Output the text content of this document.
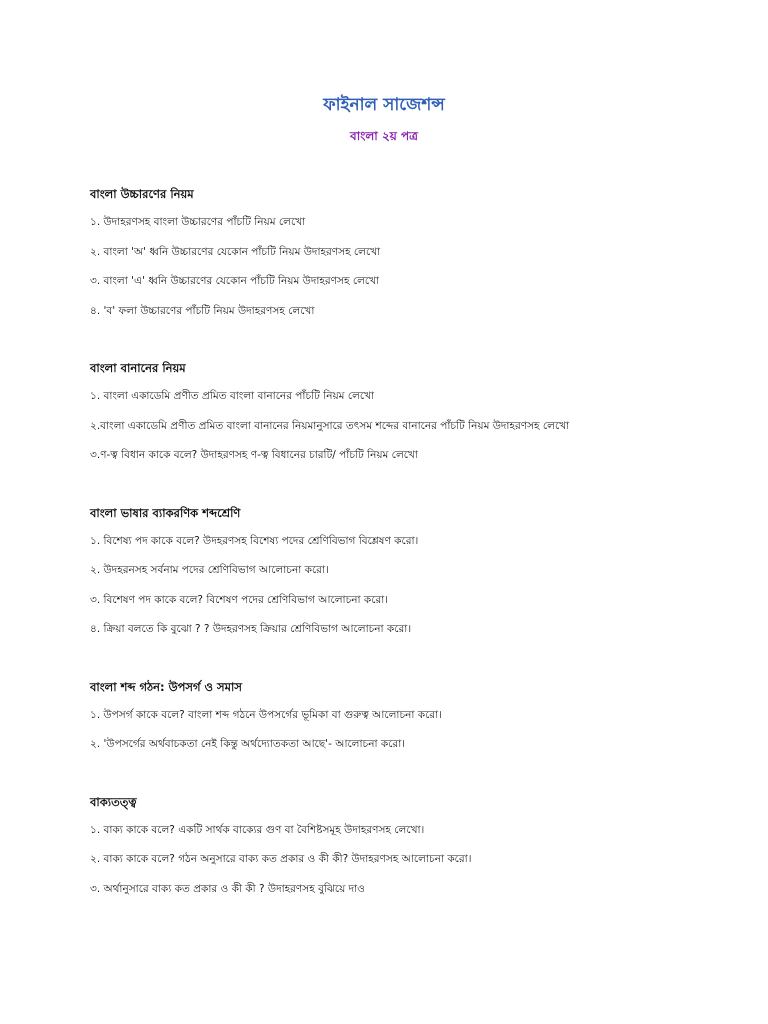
ফাইনাল সাজেশন্স
বাংলা ২য় পত্র
বাংলা উচ্চারণের নিয়ম
১. উদাহরণসহ বাংলা উচ্চারণের পাঁচটি নিয়ম লেখো
২. বাংলা 'অ' ধ্বনি উচ্চারণের যেকোন পাঁচটি নিয়ম উদাহরণসহ লেখো
৩. বাংলা 'এ' ধ্বনি উচ্চারণের যেকোন পাঁচটি নিয়ম উদাহরণসহ লেখো
৪. 'ব' ফলা উচ্চারণের পাঁচটি নিয়ম উদাহরণসহ লেখো
বাংলা বানানের নিয়ম
১. বাংলা একাডেমি প্রণীত প্রমিত বাংলা বানানের পাঁচটি নিয়ম লেখো
২.বাংলা একাডেমি প্রণীত প্রমিত বাংলা বানানের নিয়মানুসারে তৎসম শব্দের বানানের পাঁচটি নিয়ম উদাহরণসহ লেখো
৩.ণ-ত্ব বিধান কাকে বলে? উদাহরণসহ ণ-ত্ব বিধানের চারটি/ পাঁচটি নিয়ম লেখো
বাংলা ভাষার ব্যাকরণিক শব্দশ্রেণি
১. বিশেষ্য পদ কাকে বলে? উদহরণসহ বিশেষ্য পদের শ্রেণিবিভাগ বিশ্লেষণ করো।
২. উদহরনসহ সর্বনাম পদের শ্রেণিবিভাগ আলোচনা করো।
৩. বিশেষণ পদ কাকে বলে? বিশেষণ পদের শ্রেণিবিভাগ আলোচনা করো।
৪. ক্রিয়া বলতে কি বুঝো ? ? উদহরণসহ ক্রিয়ার শ্রেণিবিভাগ আলোচনা করো।
বাংলা শব্দ গঠন: উপসর্গ ও সমাস
১. উপসর্গ কাকে বলে? বাংলা শব্দ গঠনে উপসর্গের ভূমিকা বা গুরুত্ব আলোচনা করো।
২. 'উপসর্গের অর্থবাচকতা নেই কিন্তু অর্থদ্যোতকতা আছে'- আলোচনা করো।
বাক্যতত্ত্ব
১. বাক্য কাকে বলে? একটি সার্থক বাক্যের গুণ বা বৈশিষ্টসমূহ উদাহরণসহ লেখো।
২. বাক্য কাকে বলে? গঠন অনুসারে বাক্য কত প্রকার ও কী কী? উদাহরণসহ আলোচনা করো।
৩. অর্থানুসারে বাক্য কত প্রকার ও কী কী ? উদাহরণসহ বুঝিয়ে দাও
